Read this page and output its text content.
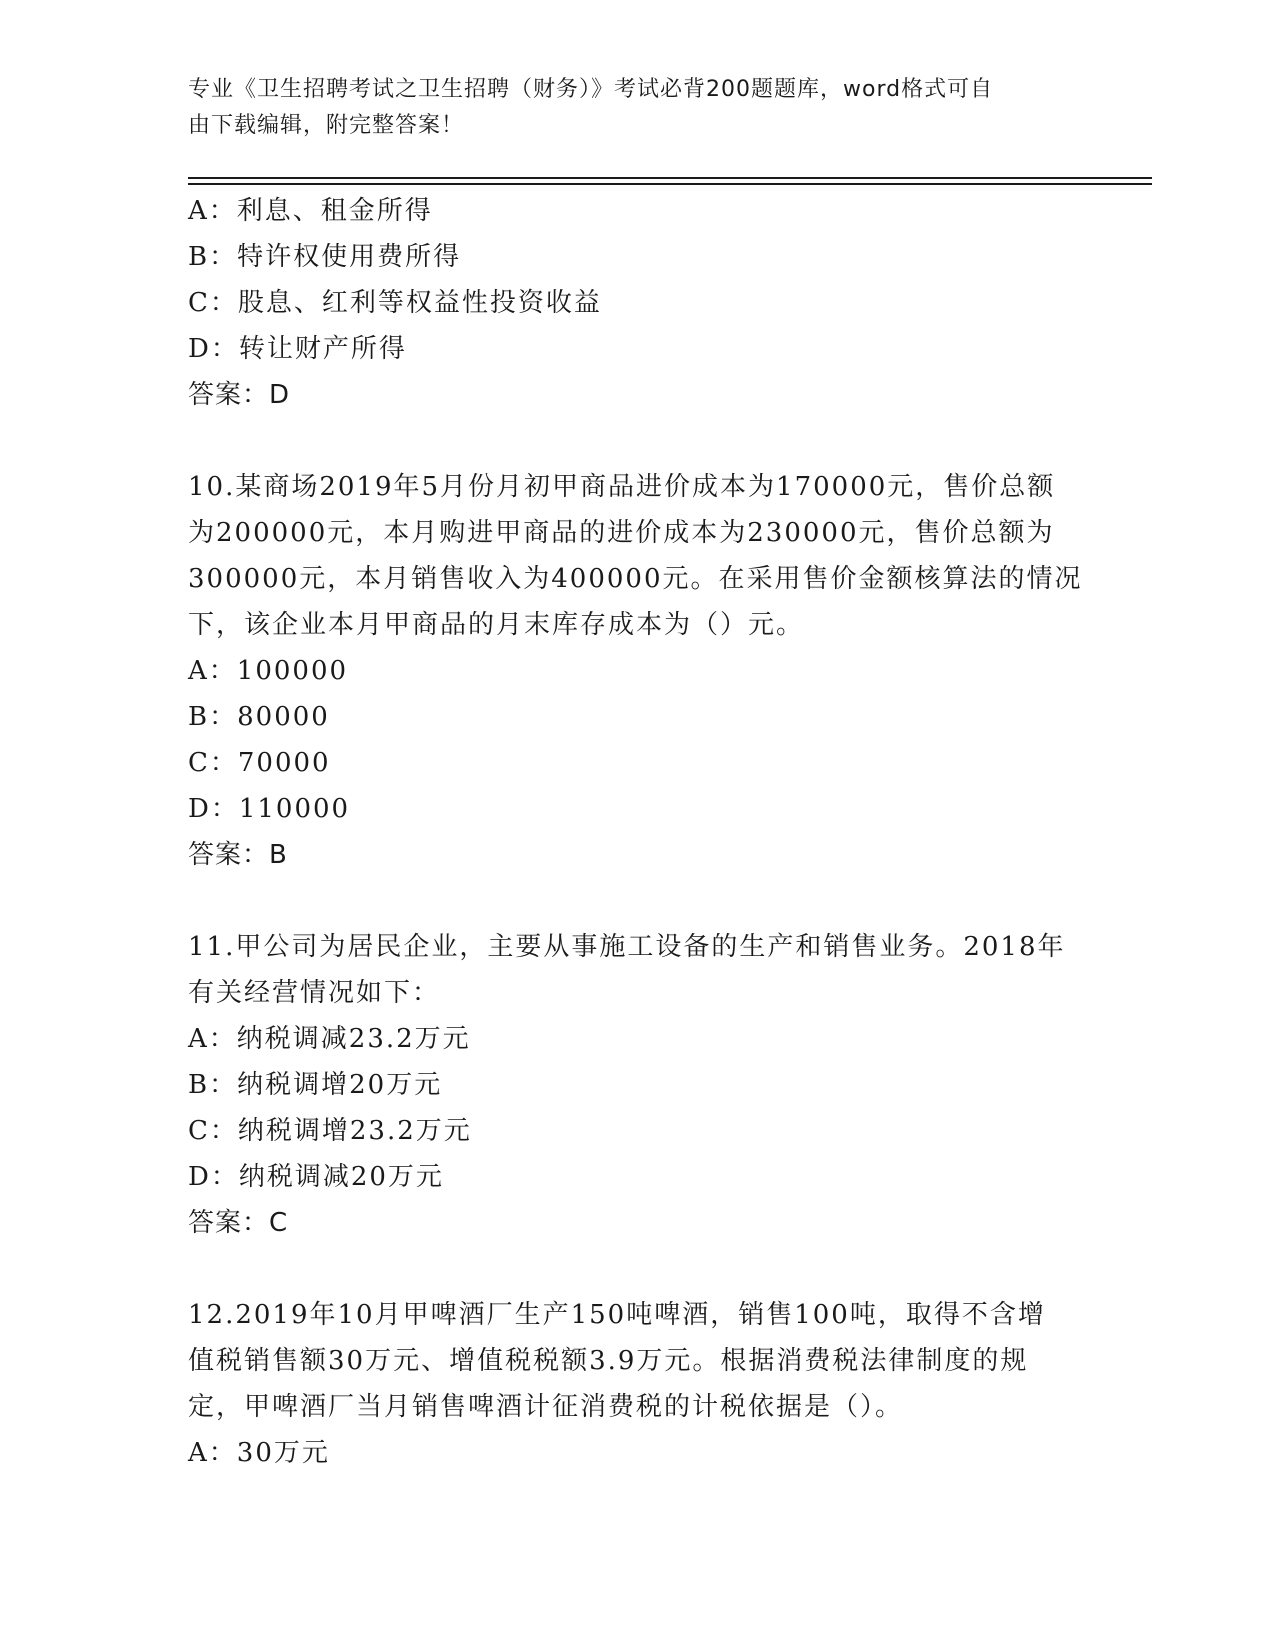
专业《卫生招聘考试之卫生招聘（财务）》考试必背200题题库，word格式可自
由下载编辑，附完整答案！
A：利息、租金所得
B：特许权使用费所得
C：股息、红利等权益性投资收益
D：转让财产所得
答案：D
10.某商场2019年5月份月初甲商品进价成本为170000元，售价总额
为200000元，本月购进甲商品的进价成本为230000元，售价总额为
300000元，本月销售收入为400000元。在采用售价金额核算法的情况
下，该企业本月甲商品的月末库存成本为（）元。
A：100000
B：80000
C：70000
D：110000
答案：B
11.甲公司为居民企业，主要从事施工设备的生产和销售业务。2018年
有关经营情况如下：
A：纳税调减23.2万元
B：纳税调增20万元
C：纳税调增23.2万元
D：纳税调减20万元
答案：C
12.2019年10月甲啤酒厂生产150吨啤酒，销售100吨，取得不含增
值税销售额30万元、增值税税额3.9万元。根据消费税法律制度的规
定，甲啤酒厂当月销售啤酒计征消费税的计税依据是（）。
A：30万元
